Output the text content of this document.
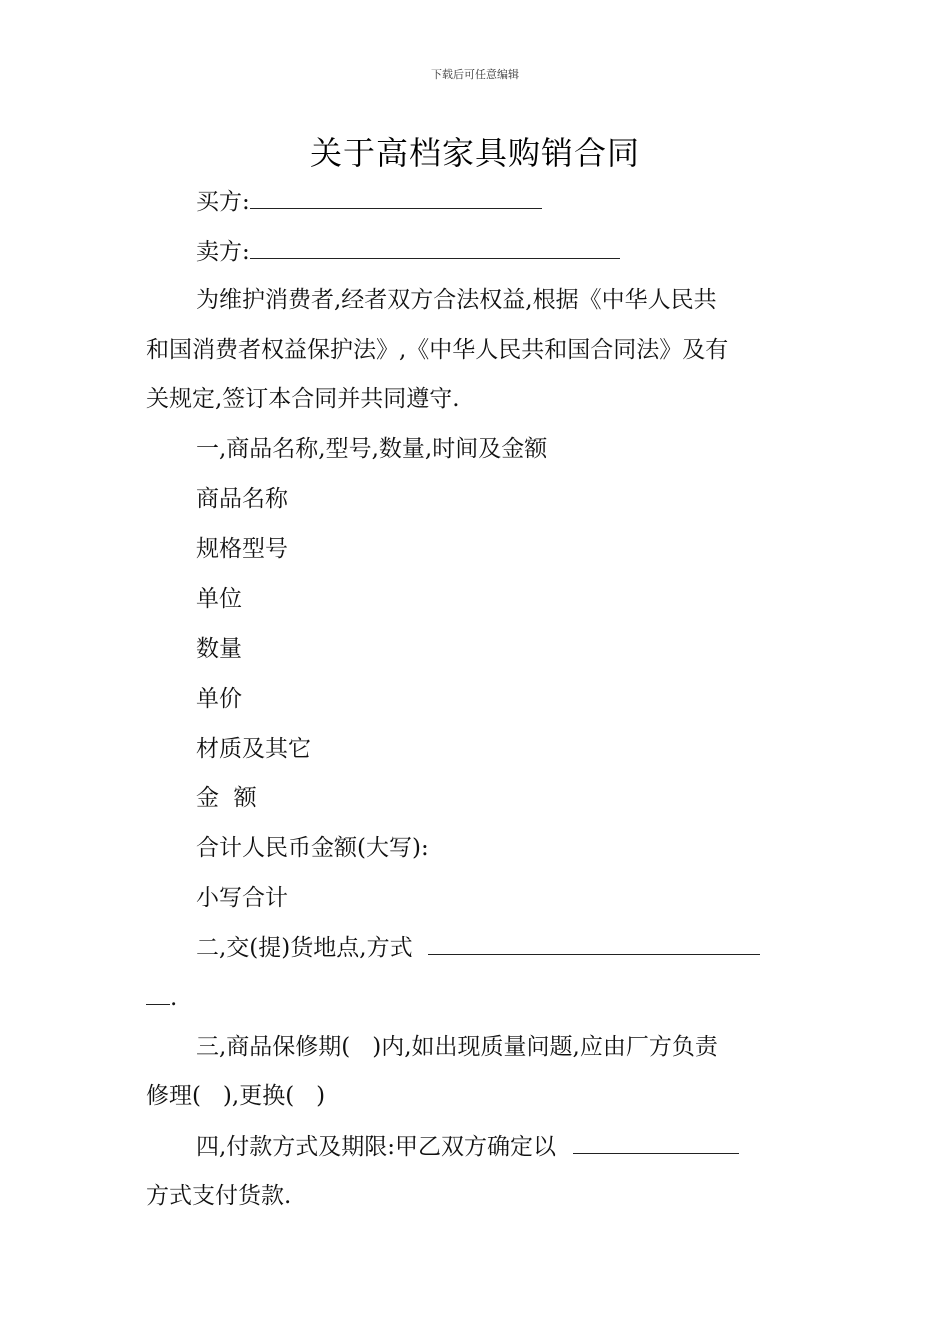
下载后可任意编辑
关于高档家具购销合同
买方:
卖方:
为维护消费者,经者双方合法权益,根据《中华人民共
和国消费者权益保护法》,《中华人民共和国合同法》及有
关规定,签订本合同并共同遵守.
一,商品名称,型号,数量,时间及金额
商品名称
规格型号
单位
数量
单价
材质及其它
金  额
合计人民币金额(大写):
小写合计
二,交(提)货地点,方式
.
三,商品保修期(   )内,如出现质量问题,应由厂方负责
修理(   ),更换(   )
四,付款方式及期限:甲乙双方确定以
方式支付货款.
